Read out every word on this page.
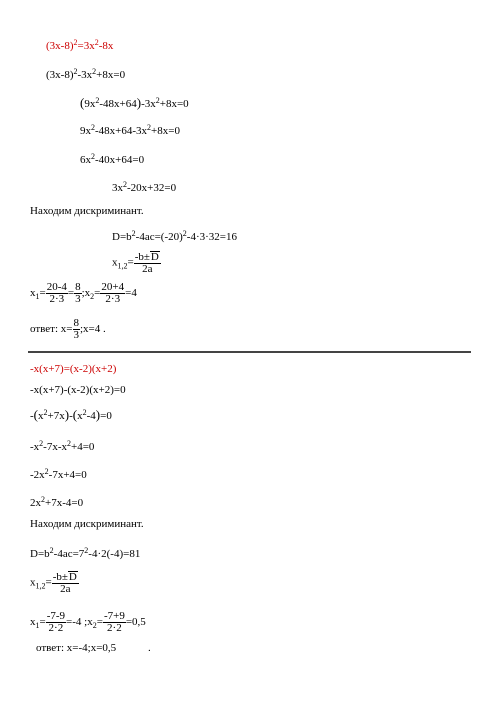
$(3x-8)^2=3x^2-8x$
$(3x-8)^2-3x^2+8x=0$
$(9x^2-48x+64)-3x^2+8x=0$
$9x^2-48x+64-3x^2+8x=0$
$6x^2-40x+64=0$
$3x^2-20x+32=0$
Находим дискриминант.
$D=b^2-4ac=(-20)^2-4\cdot 3\cdot 32=16$
$x_{1,2}= \frac{-b\pm D}{2a}$
$x_1= \frac{20-4}{2\cdot 3} = \frac{8}{3}$ $;x_2= \frac{20+4}{2\cdot 3} =4$
ответ: $x= \frac{8}{3}$ ;x=4 .
-x(x+7)=(x-2)(x+2)
-x(x+7)-(x-2)(x+2)=0
$-(x^2+7x)-(x^2-4)=0$
$-x^2-7x-x^2+4=0$
$-2x^2-7x+4=0$
$2x^2+7x-4=0$
Находим дискриминант.
$D=b^2-4ac=7^2-4\cdot 2(-4)=81$
$x_{1,2}= \frac{-b\pm D}{2a}$
$x_1= \frac{-7-9}{2\cdot 2} =-4$ $;x_2= \frac{-7+9}{2\cdot 2} =0,5$
ответ: x=-4;x=0,5	.
